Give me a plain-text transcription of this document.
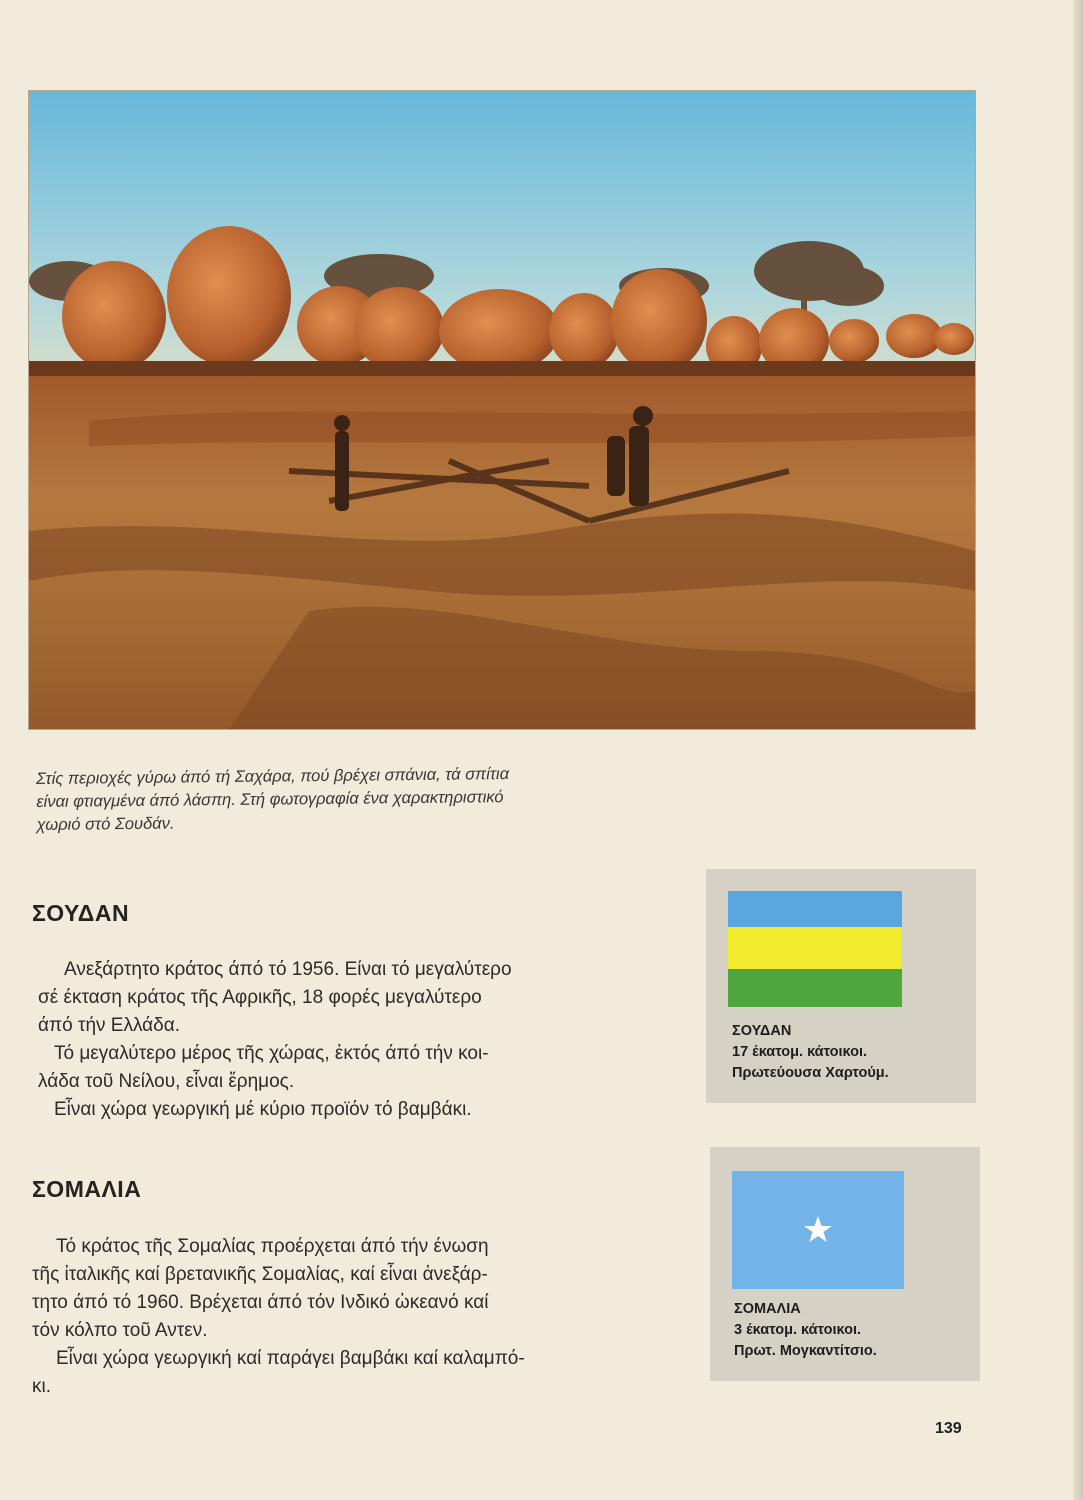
Στίς περιοχές γύρω άπό τή Σαχάρα, πού βρέχει σπάνια, τά σπίτια
είναι φτιαγμένα άπό λάσπη. Στή φωτογραφία ένα χαρακτηριστικό
χωριό στό Σουδάν.
ΣΟΥΔΑΝ
Ανεξάρτητο κράτος άπό τό 1956. Είναι τό μεγαλύτερο
σέ έκταση κράτος τῆς Αφρικῆς, 18 φορές μεγαλύτερο
άπό τήν Ελλάδα.
Τό μεγαλύτερο μέρος τῆς χώρας, ἐκτός άπό τήν κοι-
λάδα τοῦ Νείλου, εἶναι ἔρημος.
Εἶναι χώρα γεωργική μέ κύριο προϊόν τό βαμβάκι.
ΣΟΥΔΑΝ
17 έκατομ. κάτοικοι.
Πρωτεύουσα Χαρτούμ.
ΣΟΜΑΛΙΑ
Τό κράτος τῆς Σομαλίας προέρχεται άπό τήν ένωση
τῆς ἰταλικῆς καί βρετανικῆς Σομαλίας, καί εἶναι ἀνεξάρ-
τητο άπό τό 1960. Βρέχεται άπό τόν Ινδικό ὠκεανό καί
τόν κόλπο τοῦ Αντεν.
Εἶναι χώρα γεωργική καί παράγει βαμβάκι καί καλαμπό-
κι.
ΣΟΜΑΛΙΑ
3 έκατομ. κάτοικοι.
Πρωτ. Μογκαντίτσιο.
139
